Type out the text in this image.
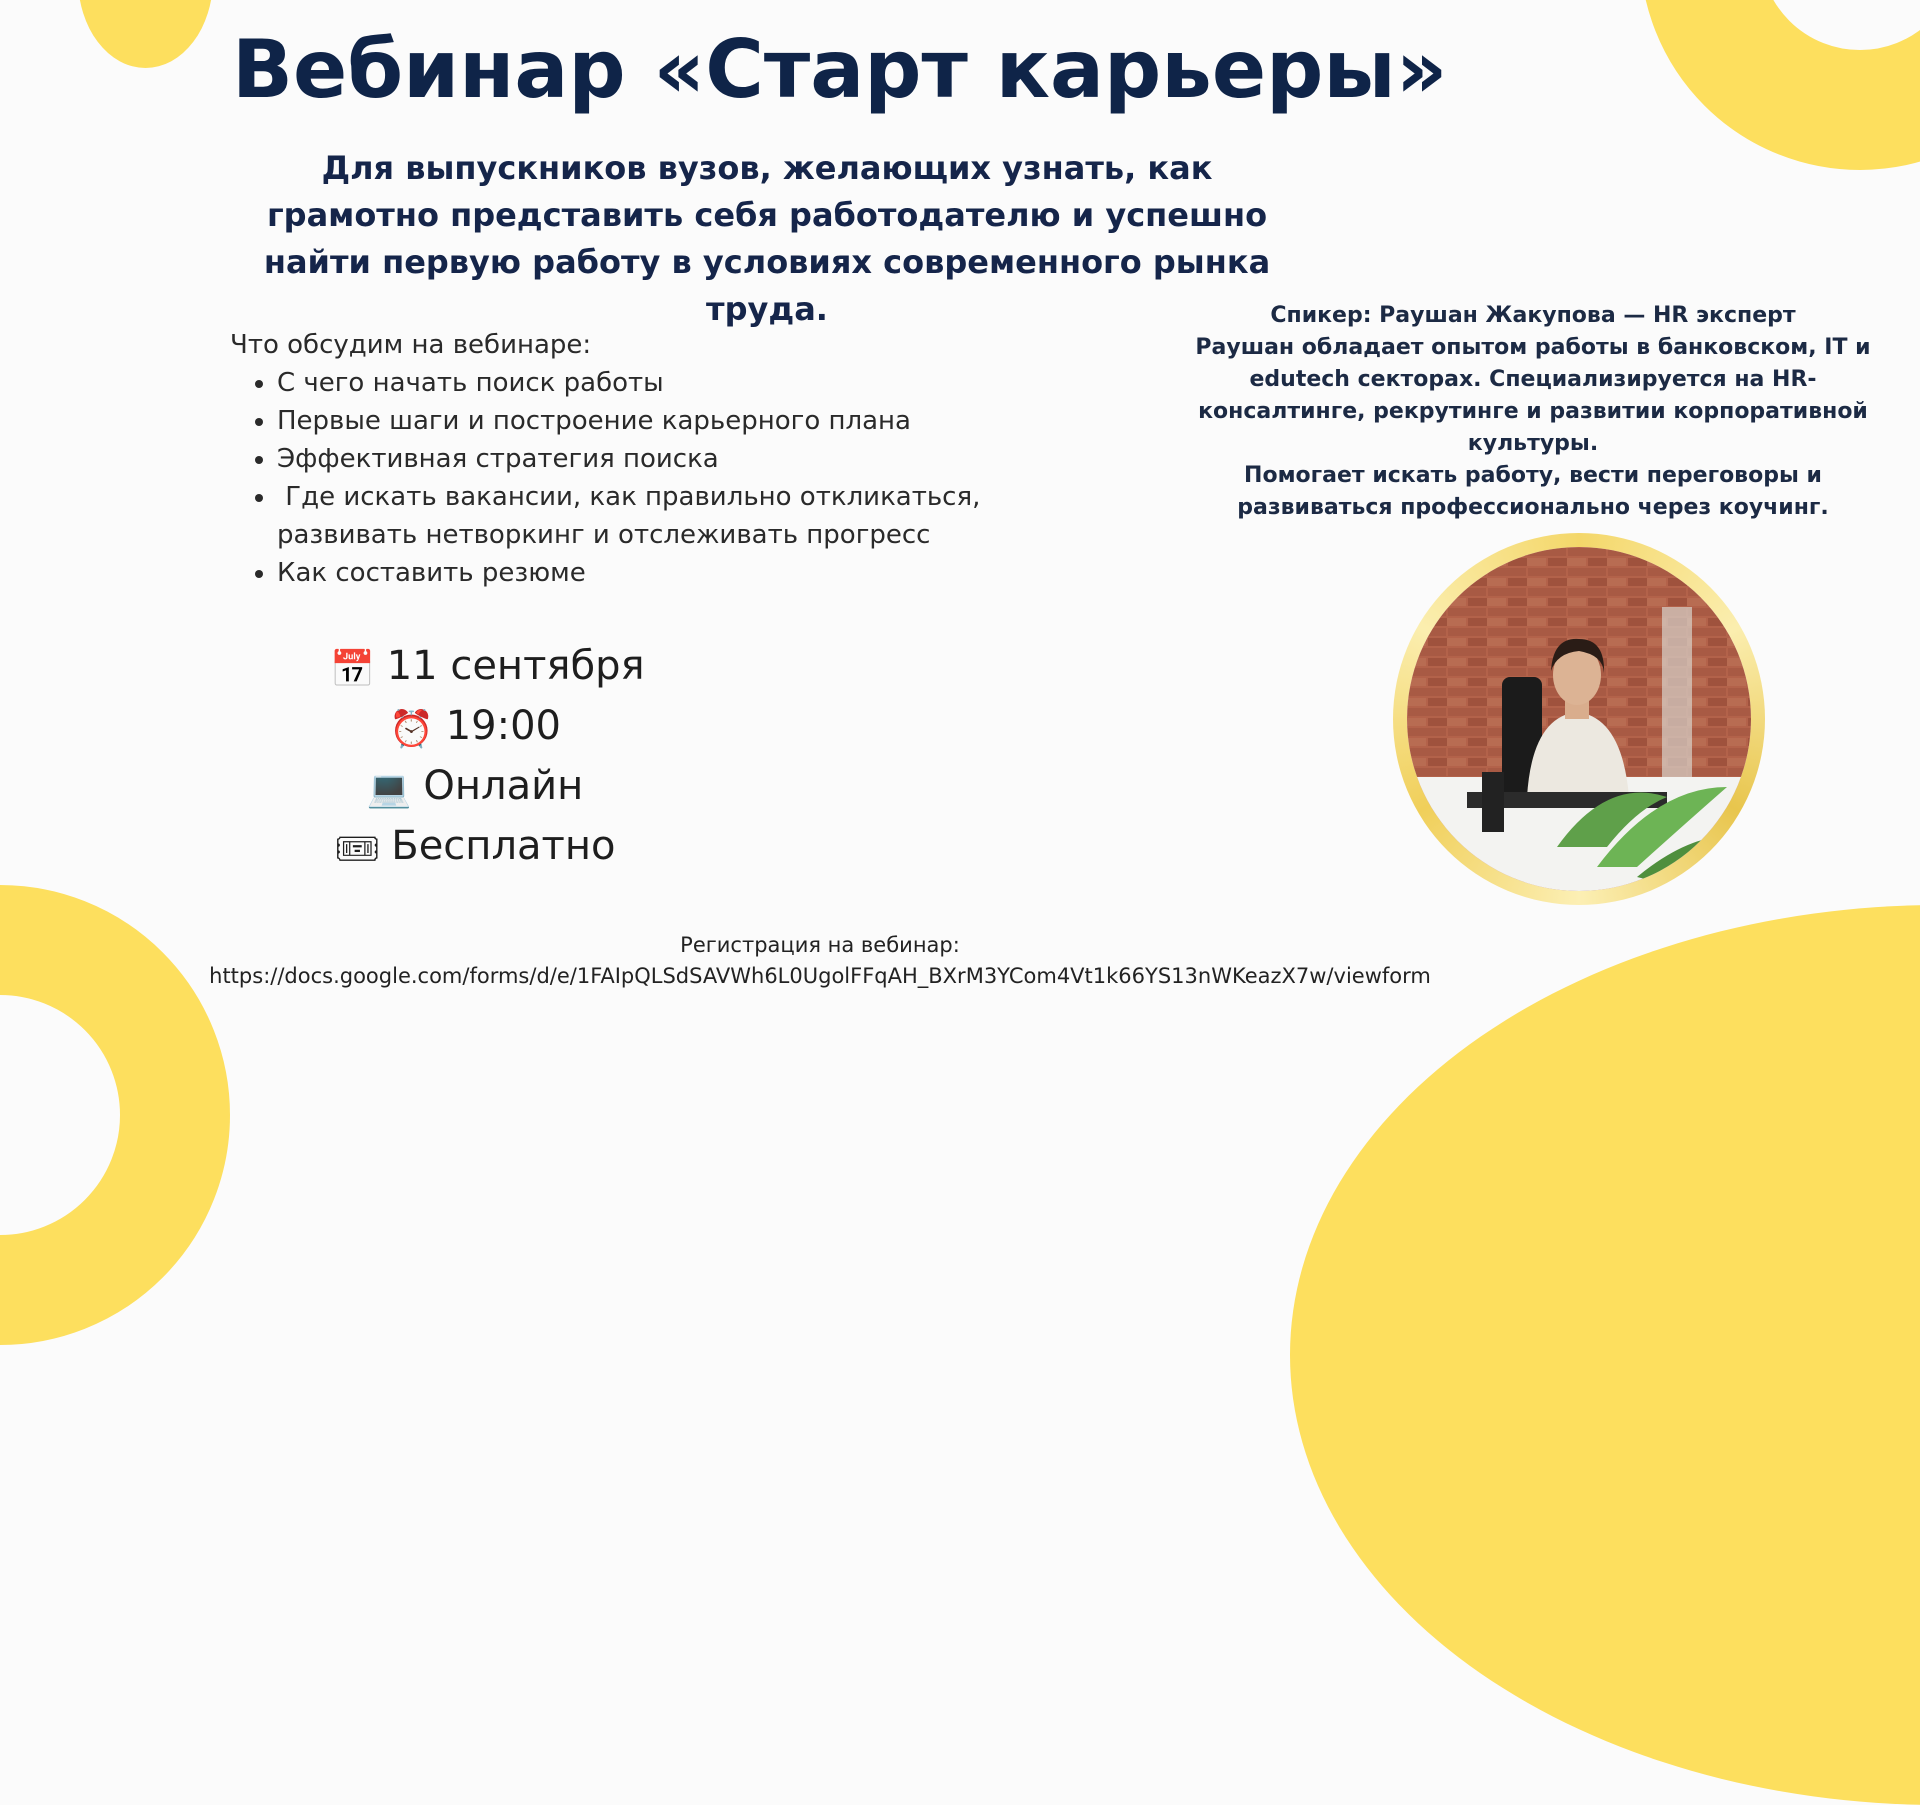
Вебинар «Старт карьеры»

Для выпускников вузов, желающих узнать, как грамотно представить себя работодателю и успешно найти первую работу в условиях современного рынка труда.

Что обсудим на вебинаре:

• С чего начать поиск работы
• Первые шаги и построение карьерного плана
• Эффективная стратегия поиска
•  Где искать вакансии, как правильно откликаться, развивать нетворкинг и отслеживать прогресс
• Как составить резюме
📅 11 сентября
⏰ 19:00
💻 Онлайн
🎟 Бесплатно

Спикер: Раушан Жакупова — HR эксперт

Раушан обладает опытом работы в банковском, IT и edutech секторах. Специализируется на HR-консалтинге, рекрутинге и развитии корпоративной культуры.

Помогает искать работу, вести переговоры и развиваться профессионально через коучинг.

Регистрация на вебинар:

https://docs.google.com/forms/d/e/1FAIpQLSdSAVWh6L0UgolFFqAH_BXrM3YCom4Vt1k66YS13nWKeazX7w/viewform
